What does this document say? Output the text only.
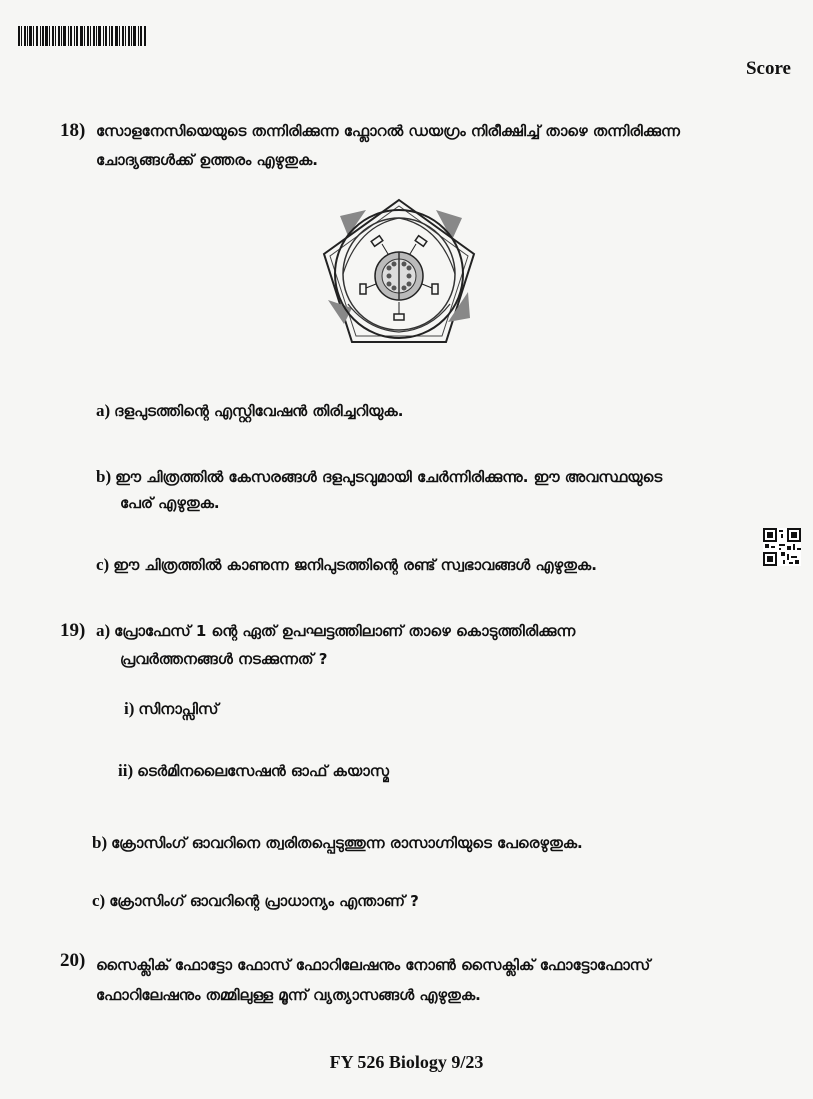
Score
18) സോളനേസിയെയുടെ തന്നിരിക്കുന്ന ഫ്ലോറൽ ഡയഗ്രം നിരീക്ഷിച്ച് താഴെ തന്നിരിക്കുന്ന
ചോദ്യങ്ങൾക്ക് ഉത്തരം എഴുതുക.
a) ദളപുടത്തിന്റെ എസ്റ്റിവേഷൻ തിരിച്ചറിയുക.
b) ഈ ചിത്രത്തിൽ കേസരങ്ങൾ ദളപുടവുമായി ചേർന്നിരിക്കുന്നു. ഈ അവസ്ഥയുടെ
പേര് എഴുതുക.
c) ഈ ചിത്രത്തിൽ കാണുന്ന ജനിപുടത്തിന്റെ രണ്ട് സ്വഭാവങ്ങൾ എഴുതുക.
19) a) പ്രോഫേസ് 1 ന്റെ ഏത് ഉപഘട്ടത്തിലാണ് താഴെ കൊടുത്തിരിക്കുന്ന
പ്രവർത്തനങ്ങൾ നടക്കുന്നത് ?
i) സിനാപ്സിസ്
ii) ടെർമിനലൈസേഷൻ ഓഫ് കയാസ്മ
b) ക്രോസിംഗ് ഓവറിനെ ത്വരിതപ്പെടുത്തുന്ന രാസാഗ്നിയുടെ പേരെഴുതുക.
c) ക്രോസിംഗ് ഓവറിന്റെ പ്രാധാന്യം എന്താണ് ?
20) സൈക്ലിക് ഫോട്ടോ ഫോസ് ഫോറിലേഷനും നോൺ സൈക്ലിക് ഫോട്ടോഫോസ്
ഫോറിലേഷനും തമ്മിലുള്ള മൂന്ന് വ്യത്യാസങ്ങൾ എഴുതുക.
FY 526 Biology 9/23
